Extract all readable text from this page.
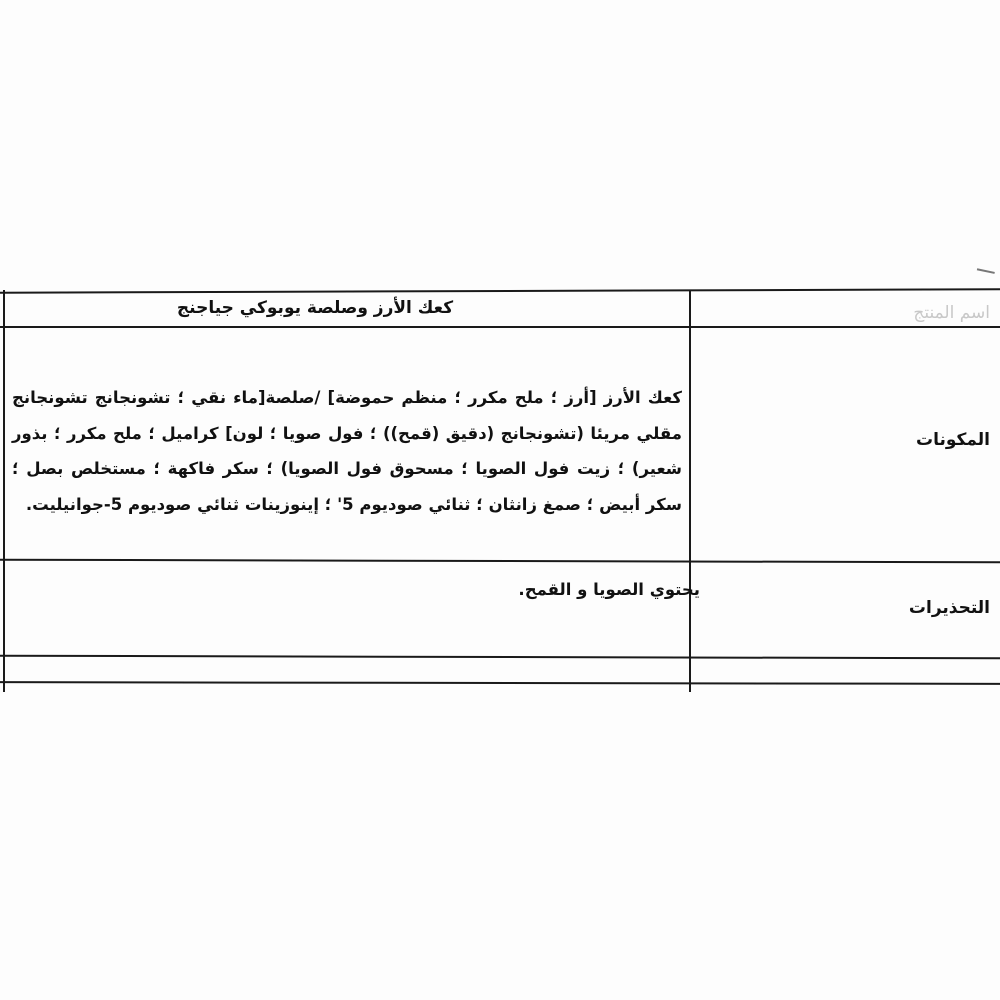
اسم المنتج
المكونات
التحذيرات
كعك الأرز وصلصة يوبوكي جياجنج
كعك الأرز [أرز ؛ ملح مكرر ؛ منظم حموضة] /صلصة[ماء نقي ؛ تشونجانج تشونجانج مقلي مريئا (تشونجانج (دقيق (قمح)) ؛ فول صويا ؛ لون] كراميل ؛ ملح مكرر ؛ بذور شعير) ؛ زيت فول الصويا ؛ مسحوق فول الصويا) ؛ سكر فاكهة ؛ مستخلص بصل ؛ سكر أبيض ؛ صمغ زانثان ؛ ثنائي صوديوم 5' ؛ إينوزينات ثنائي صوديوم 5-جوانيليت.
يحتوي الصويا و القمح.
